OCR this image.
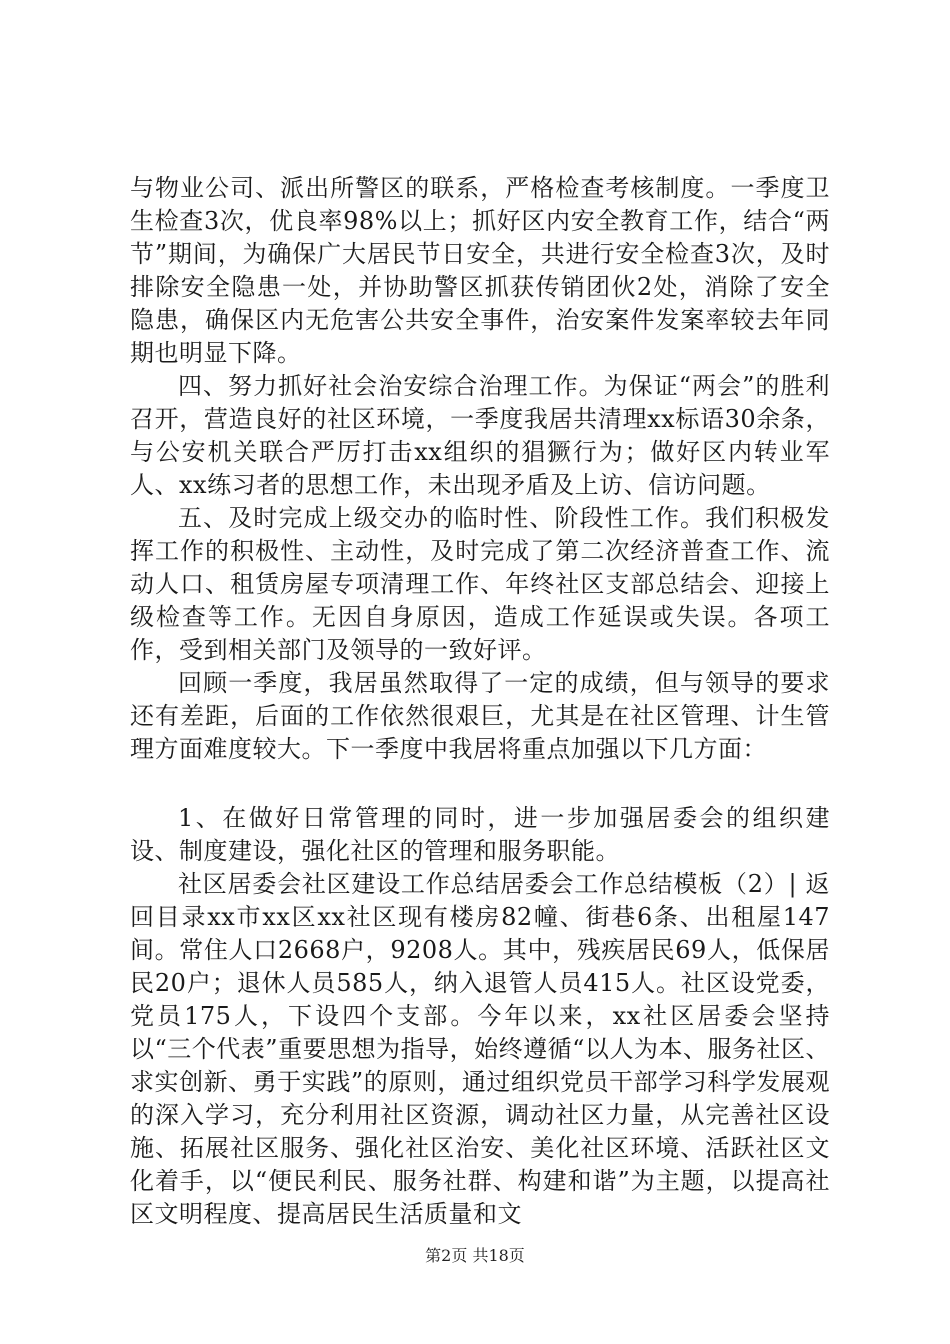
与物业公司、派出所警区的联系，严格检查考核制度。一季度卫生检查3次，优良率98%以上；抓好区内安全教育工作，结合“两节”期间，为确保广大居民节日安全，共进行安全检查3次，及时排除安全隐患一处，并协助警区抓获传销团伙2处，消除了安全隐患，确保区内无危害公共安全事件，治安案件发案率较去年同期也明显下降。

四、努力抓好社会治安综合治理工作。为保证“两会”的胜利召开，营造良好的社区环境，一季度我居共清理xx标语30余条，与公安机关联合严厉打击xx组织的猖獗行为；做好区内转业军人、xx练习者的思想工作，未出现矛盾及上访、信访问题。

五、及时完成上级交办的临时性、阶段性工作。我们积极发挥工作的积极性、主动性，及时完成了第二次经济普查工作、流动人口、租赁房屋专项清理工作、年终社区支部总结会、迎接上级检查等工作。无因自身原因，造成工作延误或失误。各项工作，受到相关部门及领导的一致好评。

回顾一季度，我居虽然取得了一定的成绩，但与领导的要求还有差距，后面的工作依然很艰巨，尤其是在社区管理、计生管理方面难度较大。下一季度中我居将重点加强以下几方面：

1、在做好日常管理的同时，进一步加强居委会的组织建设、制度建设，强化社区的管理和服务职能。

社区居委会社区建设工作总结居委会工作总结模板（2）| 返回目录xx市xx区xx社区现有楼房82幢、街巷6条、出租屋147间。常住人口2668户，9208人。其中，残疾居民69人，低保居民20户；退休人员585人，纳入退管人员415人。社区设党委，党员175人，下设四个支部。今年以来，xx社区居委会坚持以“三个代表”重要思想为指导，始终遵循“以人为本、服务社区、求实创新、勇于实践”的原则，通过组织党员干部学习科学发展观的深入学习，充分利用社区资源，调动社区力量，从完善社区设施、拓展社区服务、强化社区治安、美化社区环境、活跃社区文化着手，以“便民利民、服务社群、构建和谐”为主题，以提高社区文明程度、提高居民生活质量和文

第2页 共18页
